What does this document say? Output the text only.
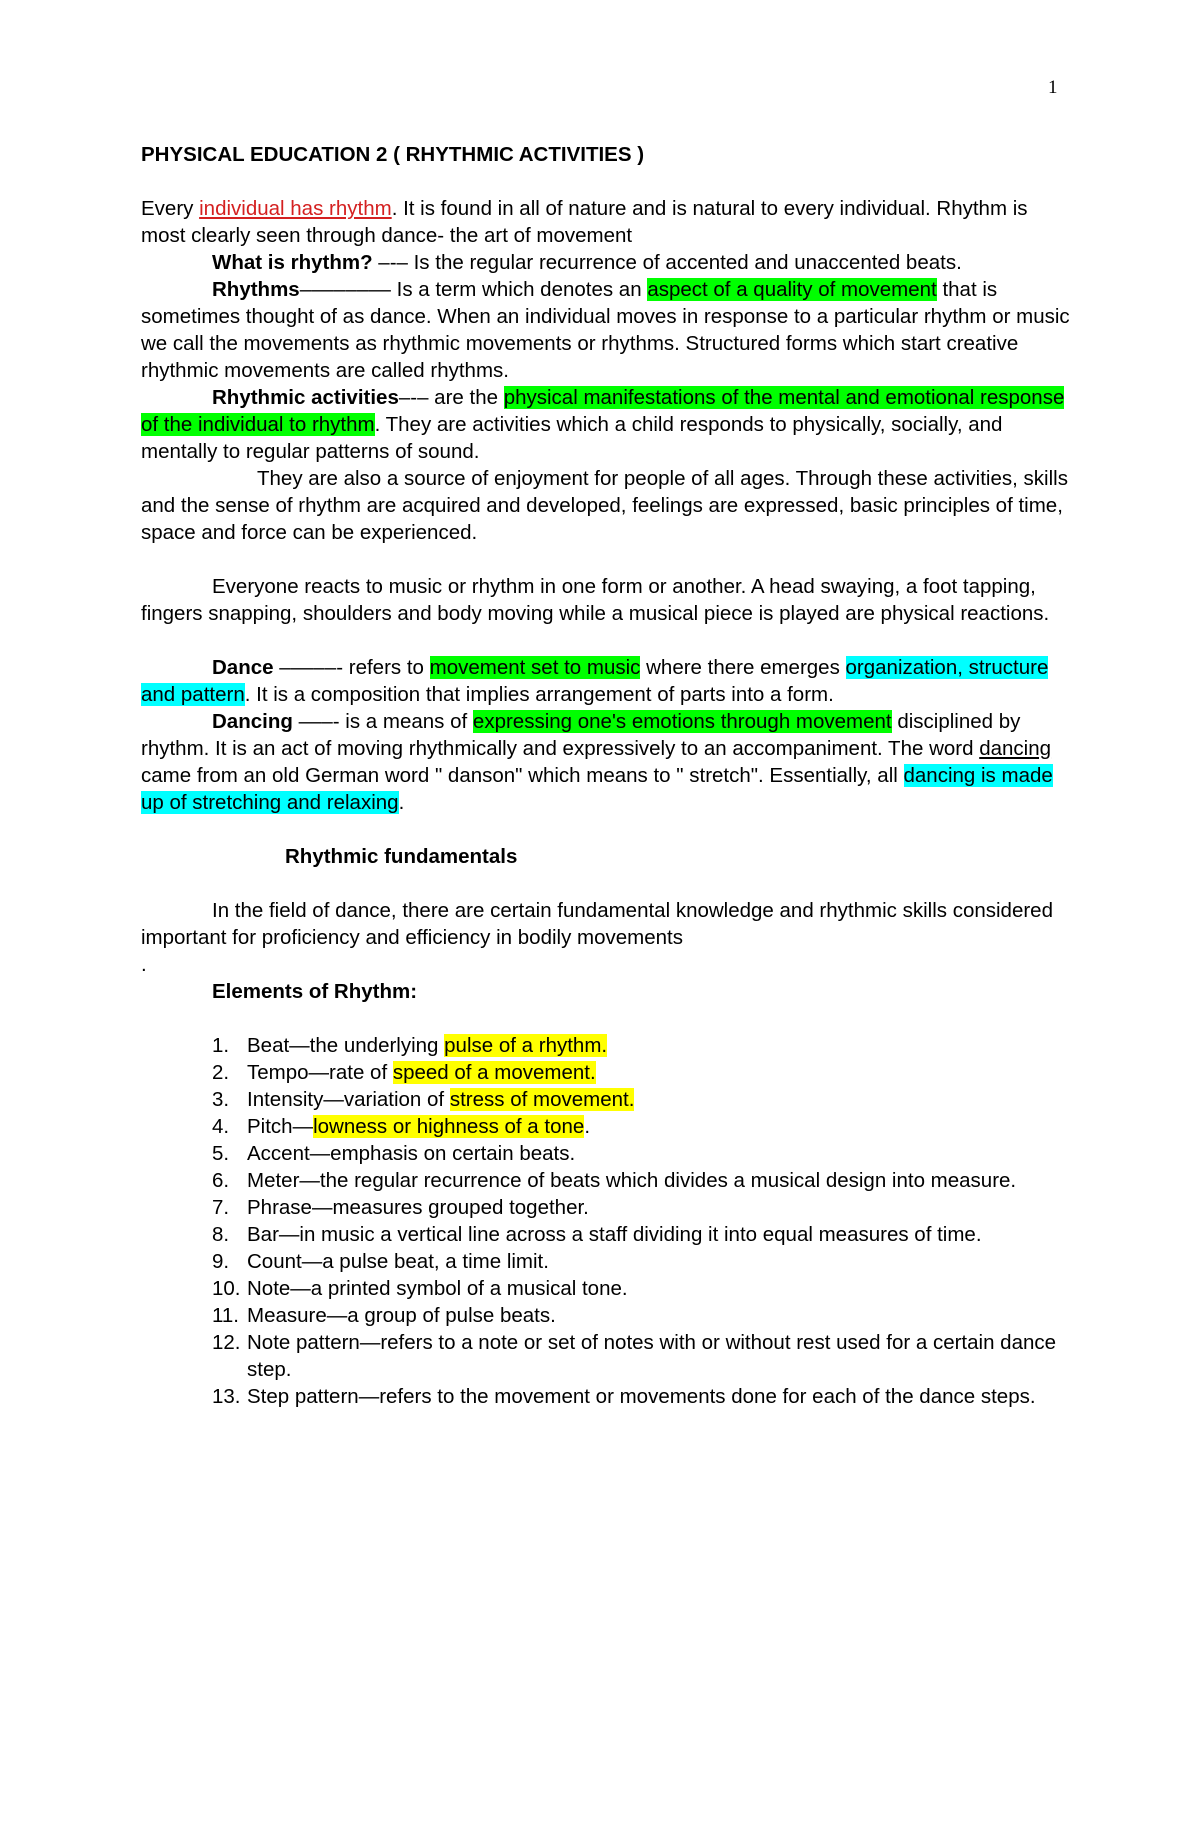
1

PHYSICAL EDUCATION 2 ( RHYTHMIC ACTIVITIES )

Every individual has rhythm. It is found in all of nature and is natural to every individual. Rhythm is most clearly seen through dance- the art of movement

What is rhythm? –-– Is the regular recurrence of accented and unaccented beats.

Rhythms–––––––– Is a term which denotes an aspect of a quality of movement that is sometimes thought of as dance. When an individual moves in response to a particular rhythm or music we call the movements as rhythmic movements or rhythms. Structured forms which start creative rhythmic movements are called rhythms.

Rhythmic activities–-– are the physical manifestations of the mental and emotional response of the individual to rhythm. They are activities which a child responds to physically, socially, and mentally to regular patterns of sound.

They are also a source of enjoyment for people of all ages. Through these activities, skills and the sense of rhythm are acquired and developed, feelings are expressed, basic principles of time, space and force can be experienced.

Everyone reacts to music or rhythm in one form or another. A head swaying, a foot tapping, fingers snapping, shoulders and body moving while a musical piece is played are physical reactions.

Dance –––––- refers to movement set to music where there emerges organization, structure and pattern. It is a composition that implies arrangement of parts into a form.

Dancing –––- is a means of expressing one's emotions through movement disciplined by rhythm. It is an act of moving rhythmically and expressively to an accompaniment. The word dancing came from an old German word " danson" which means to " stretch". Essentially, all dancing is made up of stretching and relaxing.

Rhythmic fundamentals

In the field of dance, there are certain fundamental knowledge and rhythmic skills considered important for proficiency and efficiency in bodily movements

.

Elements of Rhythm:

1. Beat—the underlying pulse of a rhythm.
2. Tempo—rate of speed of a movement.
3. Intensity—variation of stress of movement.
4. Pitch—lowness or highness of a tone.
5. Accent—emphasis on certain beats.
6. Meter—the regular recurrence of beats which divides a musical design into measure.
7. Phrase—measures grouped together.
8. Bar—in music a vertical line across a staff dividing it into equal measures of time.
9. Count—a pulse beat, a time limit.
10. Note—a printed symbol of a musical tone.
11. Measure—a group of pulse beats.
12. Note pattern—refers to a note or set of notes with or without rest used for a certain dance step.
13. Step pattern—refers to the movement or movements done for each of the dance steps.
